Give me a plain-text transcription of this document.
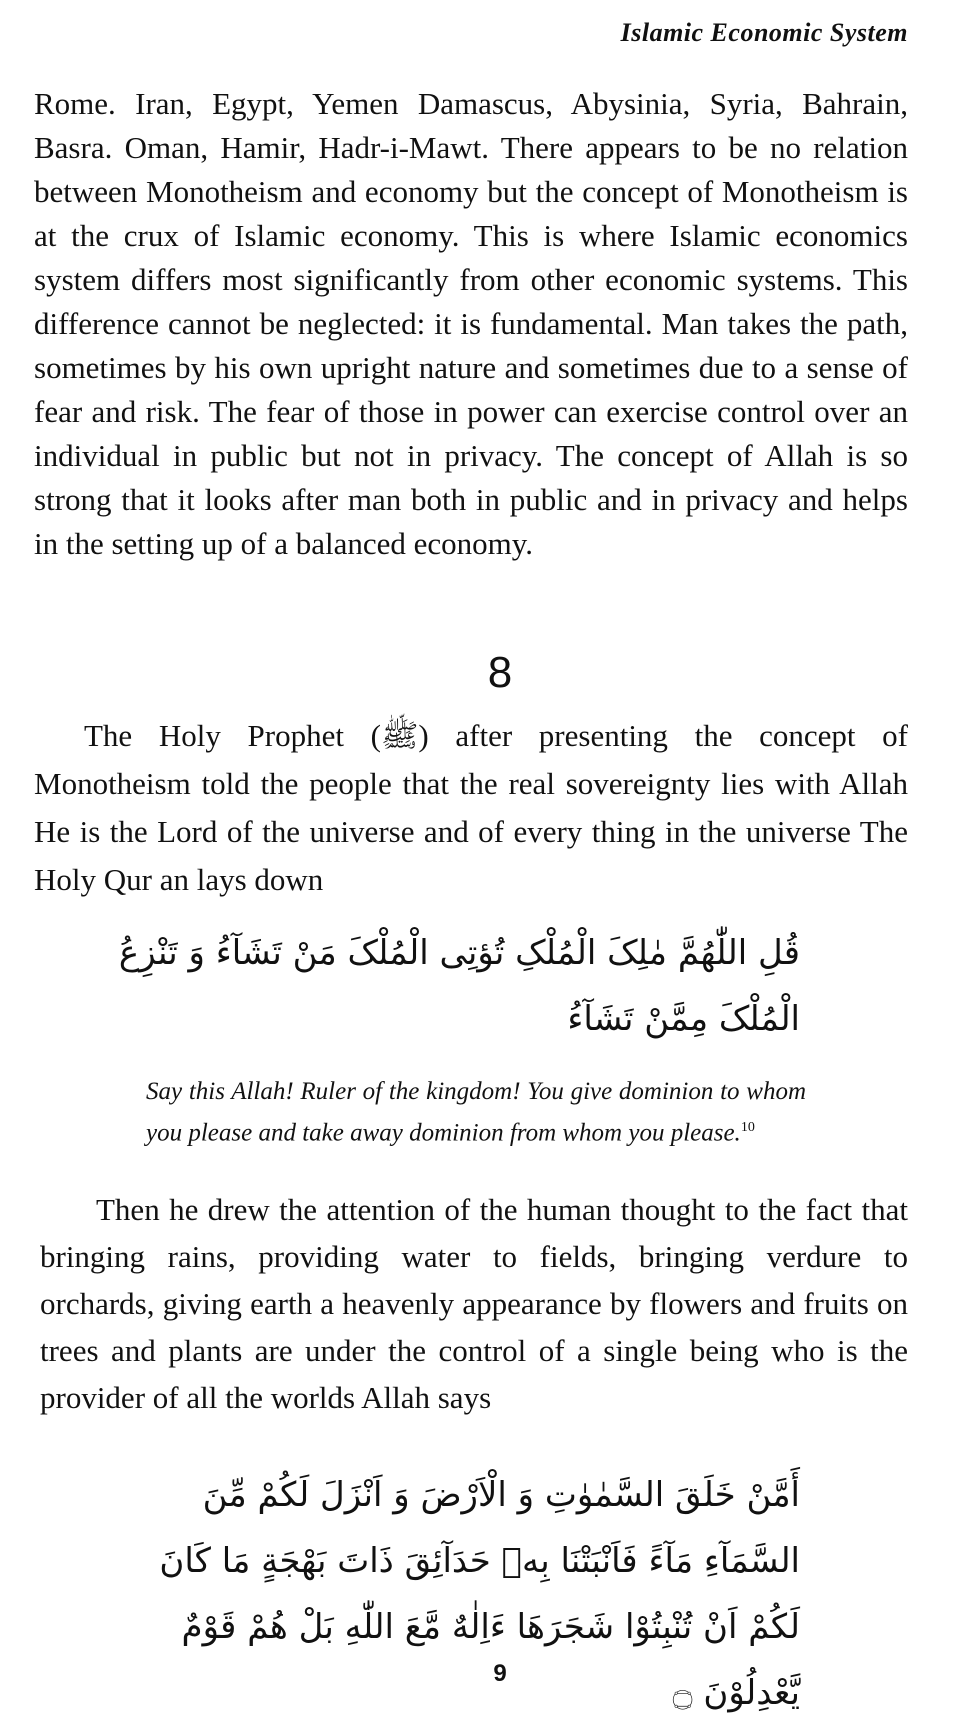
Islamic Economic System

Rome. Iran, Egypt, Yemen Damascus, Abysinia, Syria, Bahrain, Basra. Oman, Hamir, Hadr-i-Mawt. There appears to be no relation between Monotheism and economy but the concept of Monotheism is at the crux of Islamic economy. This is where Islamic economics system differs most significantly from other economic systems. This difference cannot be neglected: it is fundamental. Man takes the path, sometimes by his own upright nature and sometimes due to a sense of fear and risk. The fear of those in power can exercise control over an individual in public but not in privacy. The concept of Allah is so strong that it looks after man both in public and in privacy and helps in the setting up of a balanced economy.

8

The Holy Prophet (ﷺ) after presenting the concept of Monotheism told the people that the real sovereignty lies with Allah He is the Lord of the universe and of every thing in the universe The Holy Qur an lays down

قُلِ اللّٰهُمَّ مٰلِکَ الْمُلْکِ تُؤتِی الْمُلْکَ مَنْ تَشَآءُ وَ تَنْزِعُ الْمُلْکَ مِمَّنْ تَشَآءُ

Say this Allah! Ruler of the kingdom! You give dominion to whom you please and take away dominion from whom you please.$^{10}$

Then he drew the attention of the human thought to the fact that bringing rains, providing water to fields, bringing verdure to orchards, giving earth a heavenly appearance by flowers and fruits on trees and plants are under the control of a single being who is the provider of all the worlds Allah says

أَمَّنْ خَلَقَ السَّمٰوٰتِ وَ الْاَرْضَ وَ اَنْزَلَ لَکُمْ مِّنَ السَّمَآءِ مَآءً فَاَنْبَتْنَا بِهٖ حَدَآئِقَ ذَاتَ بَهْجَةٍ مَا کَانَ لَکُمْ اَنْ تُنْبِتُوْا شَجَرَهَا ءَاِلٰهٌ مَّعَ اللّٰهِ بَلْ هُمْ قَوْمٌ يَّعْدِلُوْنَ ۝
9
